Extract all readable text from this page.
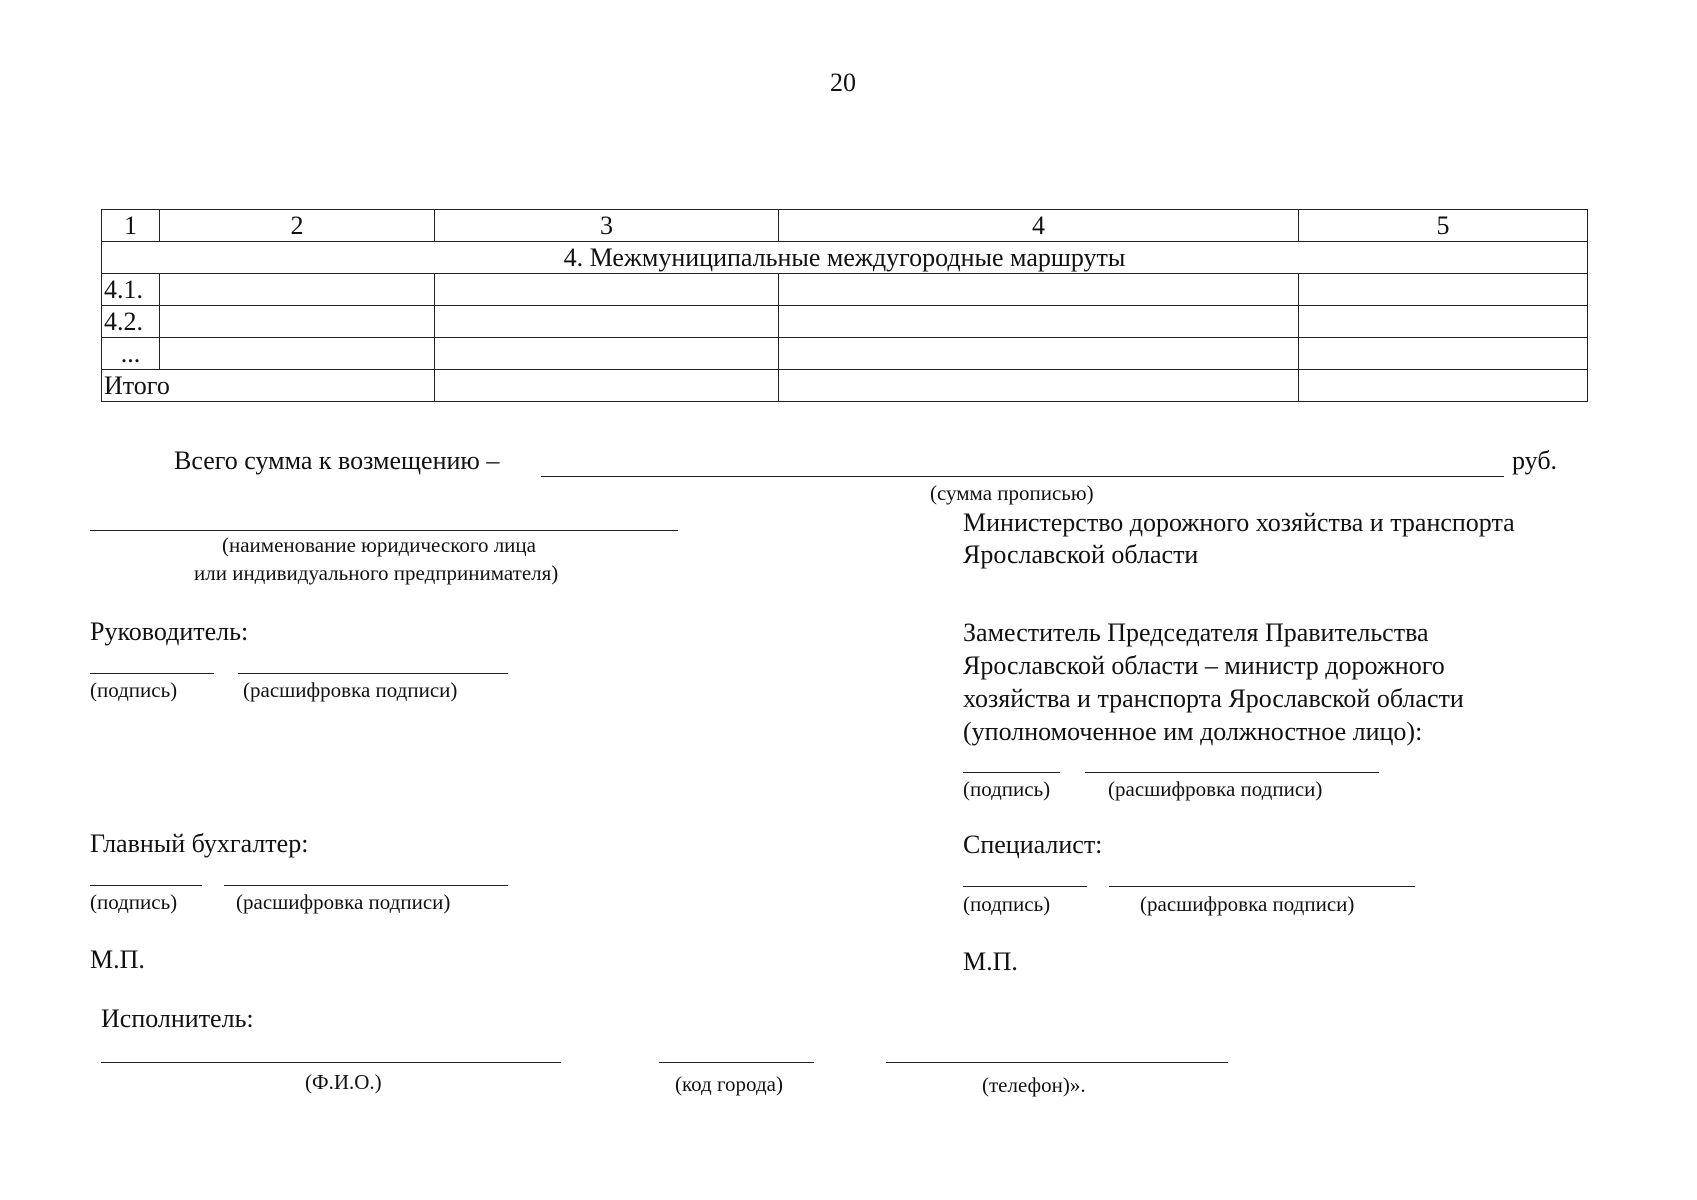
20
1	2	3	4	5
4. Межмуниципальные междугородные маршруты				
4.1.				
4.2.				
...				
Итого				
Всего сумма к возмещению –	руб.
(сумма прописью)
(наименование юридического лица
или индивидуального предпринимателя)
Министерство дорожного хозяйства и транспорта
Ярославской области
Руководитель:
(подпись)	(расшифровка подписи)
Заместитель Председателя Правительства
Ярославской области – министр дорожного
хозяйства и транспорта Ярославской области
(уполномоченное им должностное лицо):
(подпись)	(расшифровка подписи)
Главный бухгалтер:
(подпись)	(расшифровка подписи)
Специалист:
(подпись)	(расшифровка подписи)
М.П.	М.П.
Исполнитель:
(Ф.И.О.)	(код города)	(телефон)».
